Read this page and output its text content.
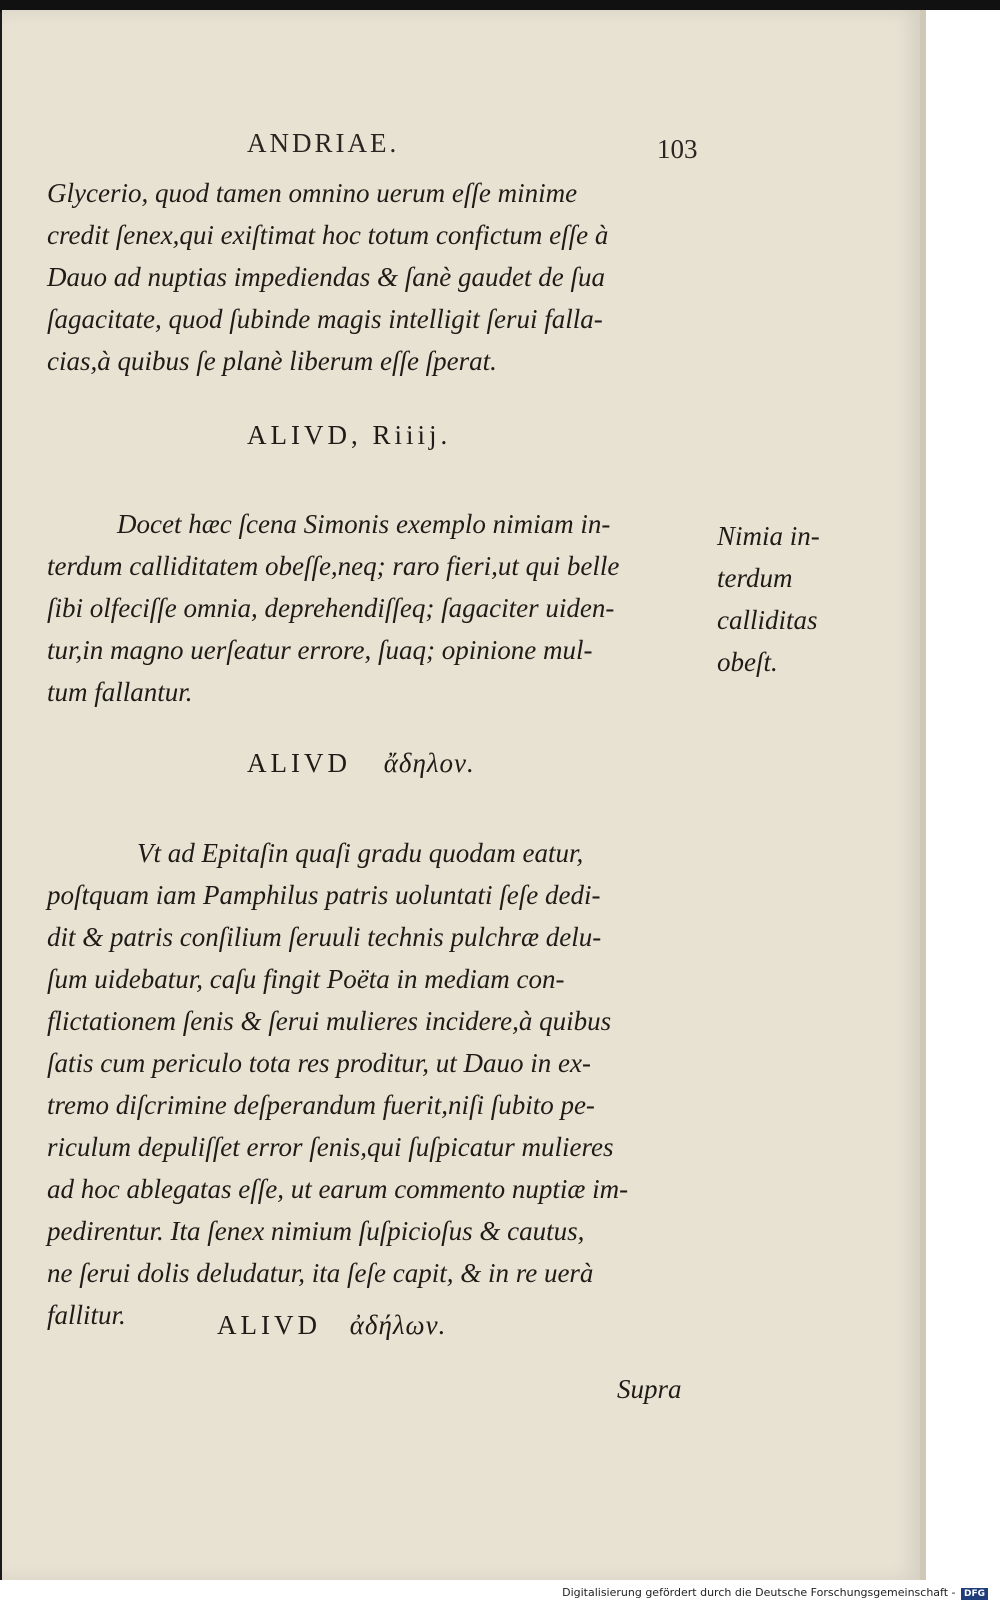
ANDRIAE.	103
Glycerio, quod tamen omnino uerum eſſe minime
credit ſenex,qui exiſtimat hoc totum confictum eſſe à
Dauo ad nuptias impediendas & ſanè gaudet de ſua
ſagacitate, quod ſubinde magis intelligit ſerui falla-
cias,à quibus ſe planè liberum eſſe ſperat.
ALIVD, Riiij.
Docet hæc ſcena Simonis exemplo nimiam in-
terdum calliditatem obeſſe,neq; raro fieri,ut qui belle
ſibi olfeciſſe omnia, deprehendiſſeq; ſagaciter uiden-
tur,in magno uerſeatur errore, ſuaq; opinione mul-
tum fallantur.
Nimia in-
terdum
calliditas
obeſt.
ALIVD ἄδηλον.
Vt ad Epitaſin quaſi gradu quodam eatur,
poſtquam iam Pamphilus patris uoluntati ſeſe dedi-
dit & patris conſilium ſeruuli technis pulchræ delu-
ſum uidebatur, caſu fingit Poëta in mediam con-
flictationem ſenis & ſerui mulieres incidere,à quibus
ſatis cum periculo tota res proditur, ut Dauo in ex-
tremo diſcrimine deſperandum fuerit,niſi ſubito pe-
riculum depuliſſet error ſenis,qui ſuſpicatur mulieres
ad hoc ablegatas eſſe, ut earum commento nuptiæ im-
pedirentur. Ita ſenex nimium ſuſpicioſus & cautus,
ne ſerui dolis deludatur, ita ſeſe capit, & in re uerà
fallitur.	ALIVD ἀδήλων.
Supra
Digitalisierung gefördert durch die Deutsche Forschungsgemeinschaft - DFG
